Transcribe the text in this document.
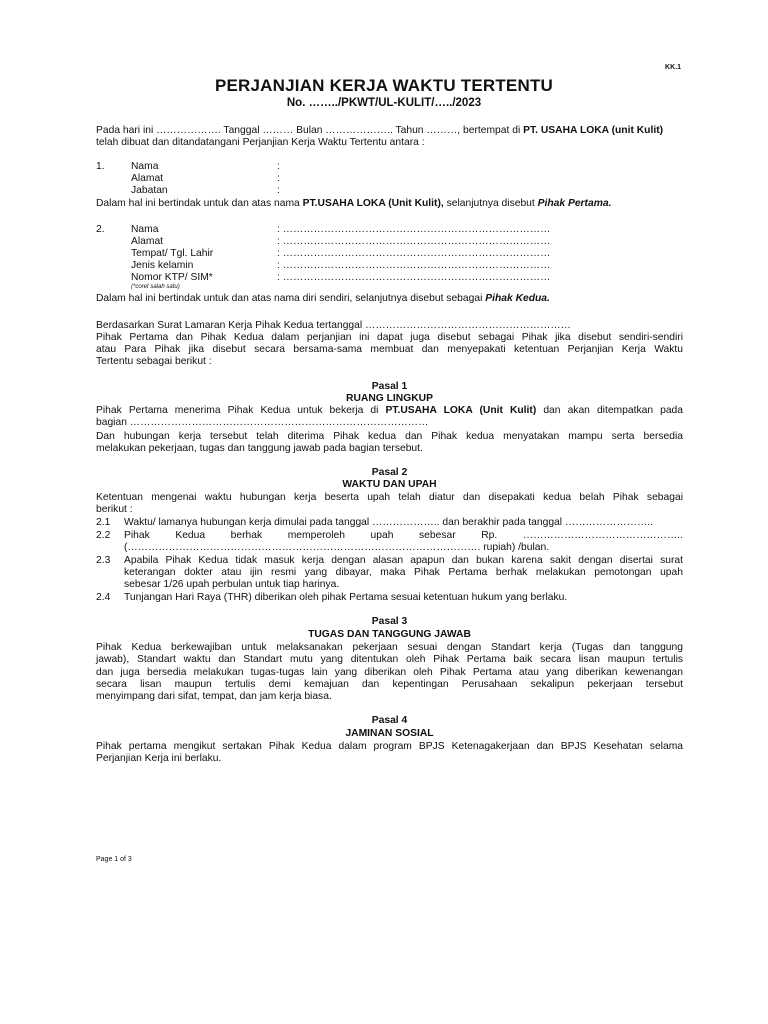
KK.1
PERJANJIAN KERJA WAKTU TERTENTU
No. ……../PKWT/UL-KULIT/…../2023
Pada hari ini ………………. Tanggal ……… Bulan ……………….. Tahun ………, bertempat di PT. USAHA LOKA (unit Kulit)
telah dibuat dan ditandatangani Perjanjian Kerja Waktu Tertentu antara :
1.	Nama	:
Alamat	:
Jabatan	:
Dalam hal ini bertindak untuk dan atas nama PT.USAHA LOKA (Unit Kulit), selanjutnya disebut Pihak Pertama.
2.	Nama	: ……………………………………………………………………
Alamat	: ……………………………………………………………………
Tempat/ Tgl. Lahir	: ……………………………………………………………………
Jenis kelamin	: ……………………………………………………………………
Nomor KTP/ SIM*	: ……………………………………………………………………
(*coret salah satu)
Dalam hal ini bertindak untuk dan atas nama diri sendiri, selanjutnya disebut sebagai Pihak Kedua.
Berdasarkan Surat Lamaran Kerja Pihak Kedua tertanggal ……………………………………………………
Pihak Pertama dan Pihak Kedua dalam perjanjian ini dapat juga disebut sebagai Pihak jika disebut sendiri-sendiri
atau Para Pihak jika disebut secara bersama-sama membuat dan menyepakati ketentuan Perjanjian Kerja Waktu
Tertentu sebagai berikut :
Pasal 1
RUANG LINGKUP
Pihak Pertama menerima Pihak Kedua untuk bekerja di PT.USAHA LOKA (Unit Kulit) dan akan ditempatkan pada
bagian ……………………………………………………………………………
Dan hubungan kerja tersebut telah diterima Pihak kedua dan Pihak kedua menyatakan mampu serta bersedia
melakukan pekerjaan, tugas dan tanggung jawab pada bagian tersebut.
Pasal 2
WAKTU DAN UPAH
Ketentuan mengenai waktu hubungan kerja beserta upah telah diatur dan disepakati kedua belah Pihak sebagai
berikut :
2.1 Waktu/ lamanya hubungan kerja dimulai pada tanggal ……………….. dan berakhir pada tanggal ……………………..
2.2 Pihak Kedua berhak memperoleh upah sebesar Rp. ………………………………………..
(…………………………………………………………………………………………. rupiah) /bulan.
2.3 Apabila Pihak Kedua tidak masuk kerja dengan alasan apapun dan bukan karena sakit dengan disertai surat
keterangan dokter atau ijin resmi yang dibayar, maka Pihak Pertama berhak melakukan pemotongan upah
sebesar 1/26 upah perbulan untuk tiap harinya.
2.4 Tunjangan Hari Raya (THR) diberikan oleh pihak Pertama sesuai ketentuan hukum yang berlaku.
Pasal 3
TUGAS DAN TANGGUNG JAWAB
Pihak Kedua berkewajiban untuk melaksanakan pekerjaan sesuai dengan Standart kerja (Tugas dan tanggung
jawab), Standart waktu dan Standart mutu yang ditentukan oleh Pihak Pertama baik secara lisan maupun tertulis
dan juga bersedia melakukan tugas-tugas lain yang diberikan oleh Pihak Pertama atau yang diberikan kewenangan
secara lisan maupun tertulis demi kemajuan dan kepentingan Perusahaan sekalipun pekerjaan tersebut
menyimpang dari sifat, tempat, dan jam kerja biasa.
Pasal 4
JAMINAN SOSIAL
Pihak pertama mengikut sertakan Pihak Kedua dalam program BPJS Ketenagakerjaan dan BPJS Kesehatan selama
Perjanjian Kerja ini berlaku.
Page 1 of 3
